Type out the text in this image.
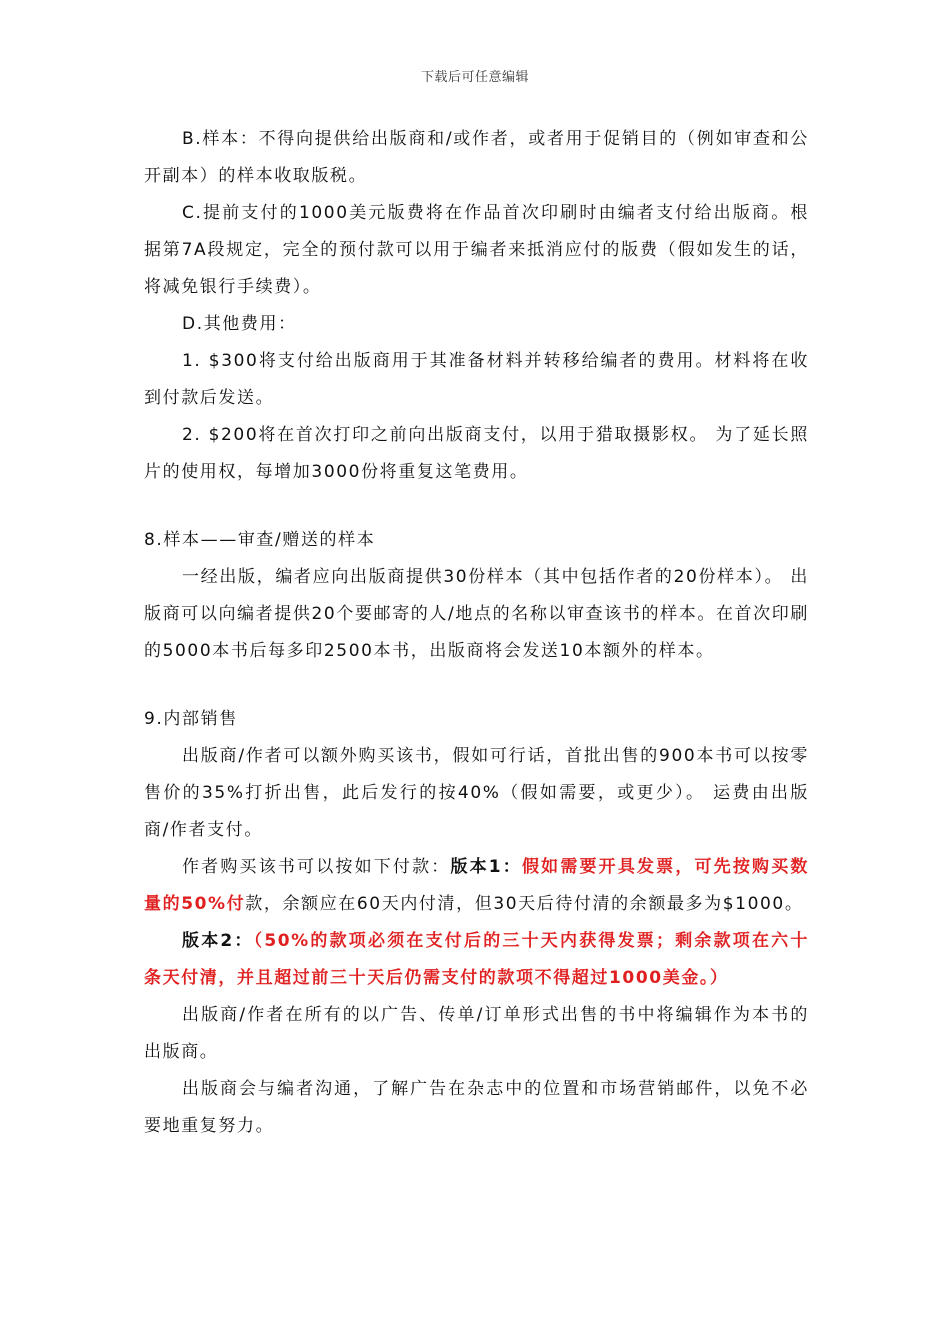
下载后可任意编辑

B.样本：不得向提供给出版商和/或作者，或者用于促销目的（例如审查和公开副本）的样本收取版税。

C.提前支付的1000美元版费将在作品首次印刷时由编者支付给出版商。根据第7A段规定，完全的预付款可以用于编者来抵消应付的版费（假如发生的话，将减免银行手续费）。

D.其他费用：

1. $300将支付给出版商用于其准备材料并转移给编者的费用。材料将在收到付款后发送。

2. $200将在首次打印之前向出版商支付，以用于猎取摄影权。 为了延长照片的使用权，每增加3000份将重复这笔费用。

8.样本——审查/赠送的样本

一经出版，编者应向出版商提供30份样本（其中包括作者的20份样本）。 出版商可以向编者提供20个要邮寄的人/地点的名称以审查该书的样本。在首次印刷的5000本书后每多印2500本书，出版商将会发送10本额外的样本。

9.内部销售

出版商/作者可以额外购买该书，假如可行话，首批出售的900本书可以按零售价的35%打折出售，此后发行的按40%（假如需要，或更少）。 运费由出版商/作者支付。

作者购买该书可以按如下付款：版本1：假如需要开具发票，可先按购买数量的50%付款，余额应在60天内付清，但30天后待付清的余额最多为$1000。

版本2：（50%的款项必须在支付后的三十天内获得发票；剩余款项在六十条天付清，并且超过前三十天后仍需支付的款项不得超过1000美金。）

出版商/作者在所有的以广告、传单/订单形式出售的书中将编辑作为本书的出版商。

出版商会与编者沟通，了解广告在杂志中的位置和市场营销邮件，以免不必要地重复努力。
